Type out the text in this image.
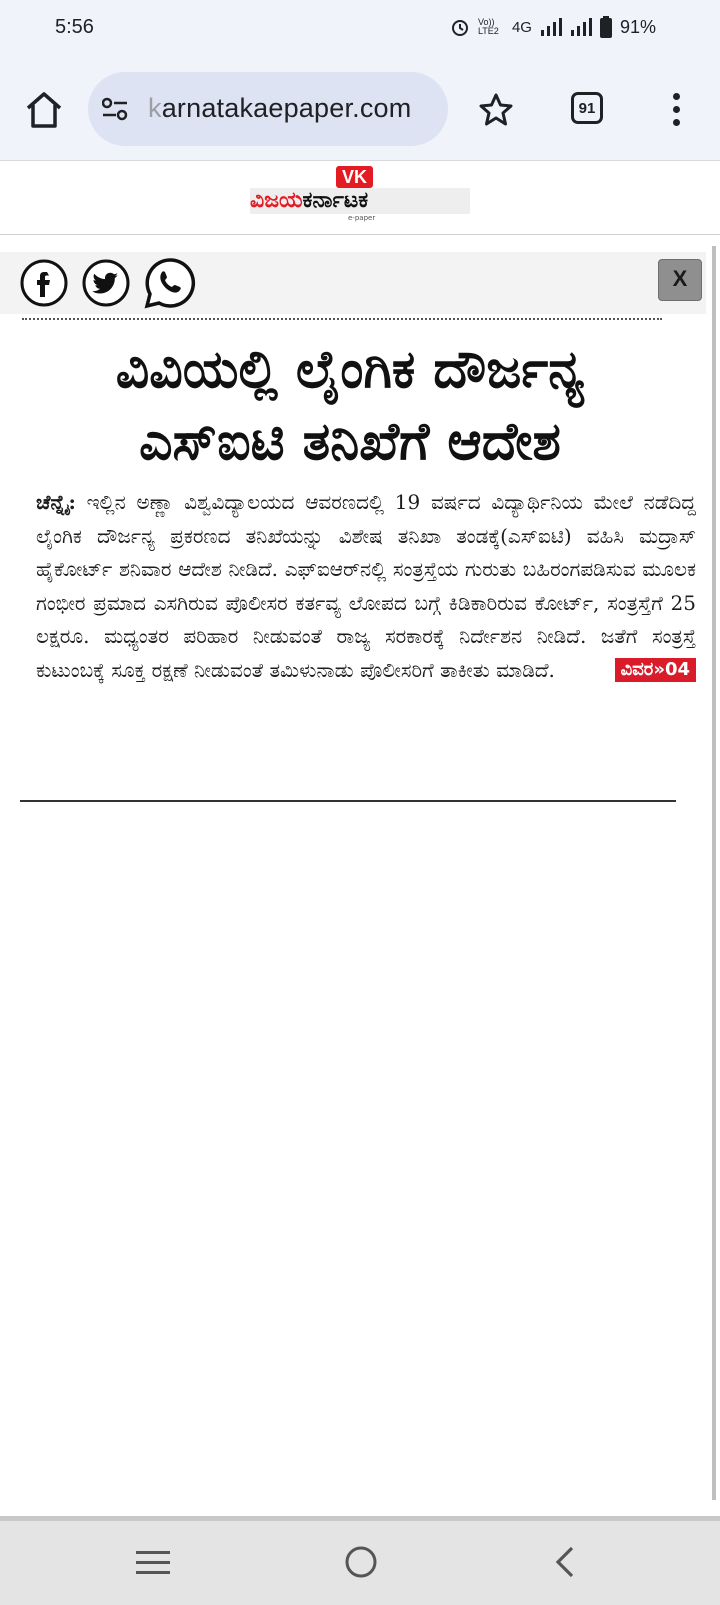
5:56	Vo)) LTE2 4G	91%
karnatakaepaper.com	91
VK
ವಿಜಯಕರ್ನಾಟಕ
e-paper
X
ವಿವಿಯಲ್ಲಿ ಲೈಂಗಿಕ ದೌರ್ಜನ್ಯ
ಎಸ್‌ಐಟಿ ತನಿಖೆಗೆ ಆದೇಶ
ಚೆನ್ನೈ: ಇಲ್ಲಿನ ಅಣ್ಣಾ ವಿಶ್ವವಿದ್ಯಾಲಯದ ಆವರಣದಲ್ಲಿ 19 ವರ್ಷದ ವಿದ್ಯಾರ್ಥಿನಿಯ ಮೇಲೆ ನಡೆದಿದ್ದ ಲೈಂಗಿಕ ದೌರ್ಜನ್ಯ ಪ್ರಕರಣದ ತನಿಖೆಯನ್ನು ವಿಶೇಷ ತನಿಖಾ ತಂಡಕ್ಕೆ(ಎಸ್‌ಐಟಿ) ವಹಿಸಿ ಮದ್ರಾಸ್ ಹೈಕೋರ್ಟ್ ಶನಿವಾರ ಆದೇಶ ನೀಡಿದೆ. ಎಫ್‌ಐಆರ್‌ನಲ್ಲಿ ಸಂತ್ರಸ್ತೆಯ ಗುರುತು ಬಹಿರಂಗಪಡಿಸುವ ಮೂಲಕ ಗಂಭೀರ ಪ್ರಮಾದ ಎಸಗಿರುವ ಪೊಲೀಸರ ಕರ್ತವ್ಯ ಲೋಪದ ಬಗ್ಗೆ ಕಿಡಿಕಾರಿರುವ ಕೋರ್ಟ್, ಸಂತ್ರಸ್ತೆಗೆ 25 ಲಕ್ಷರೂ. ಮಧ್ಯಂತರ ಪರಿಹಾರ ನೀಡುವಂತೆ ರಾಜ್ಯ ಸರಕಾರಕ್ಕೆ ನಿರ್ದೇಶನ ನೀಡಿದೆ. ಜತೆಗೆ ಸಂತ್ರಸ್ತೆ ಕುಟುಂಬಕ್ಕೆ ಸೂಕ್ತ ರಕ್ಷಣೆ ನೀಡುವಂತೆ ತಮಿಳುನಾಡು ಪೊಲೀಸರಿಗೆ ತಾಕೀತು ಮಾಡಿದೆ.	ವಿವರ»04
